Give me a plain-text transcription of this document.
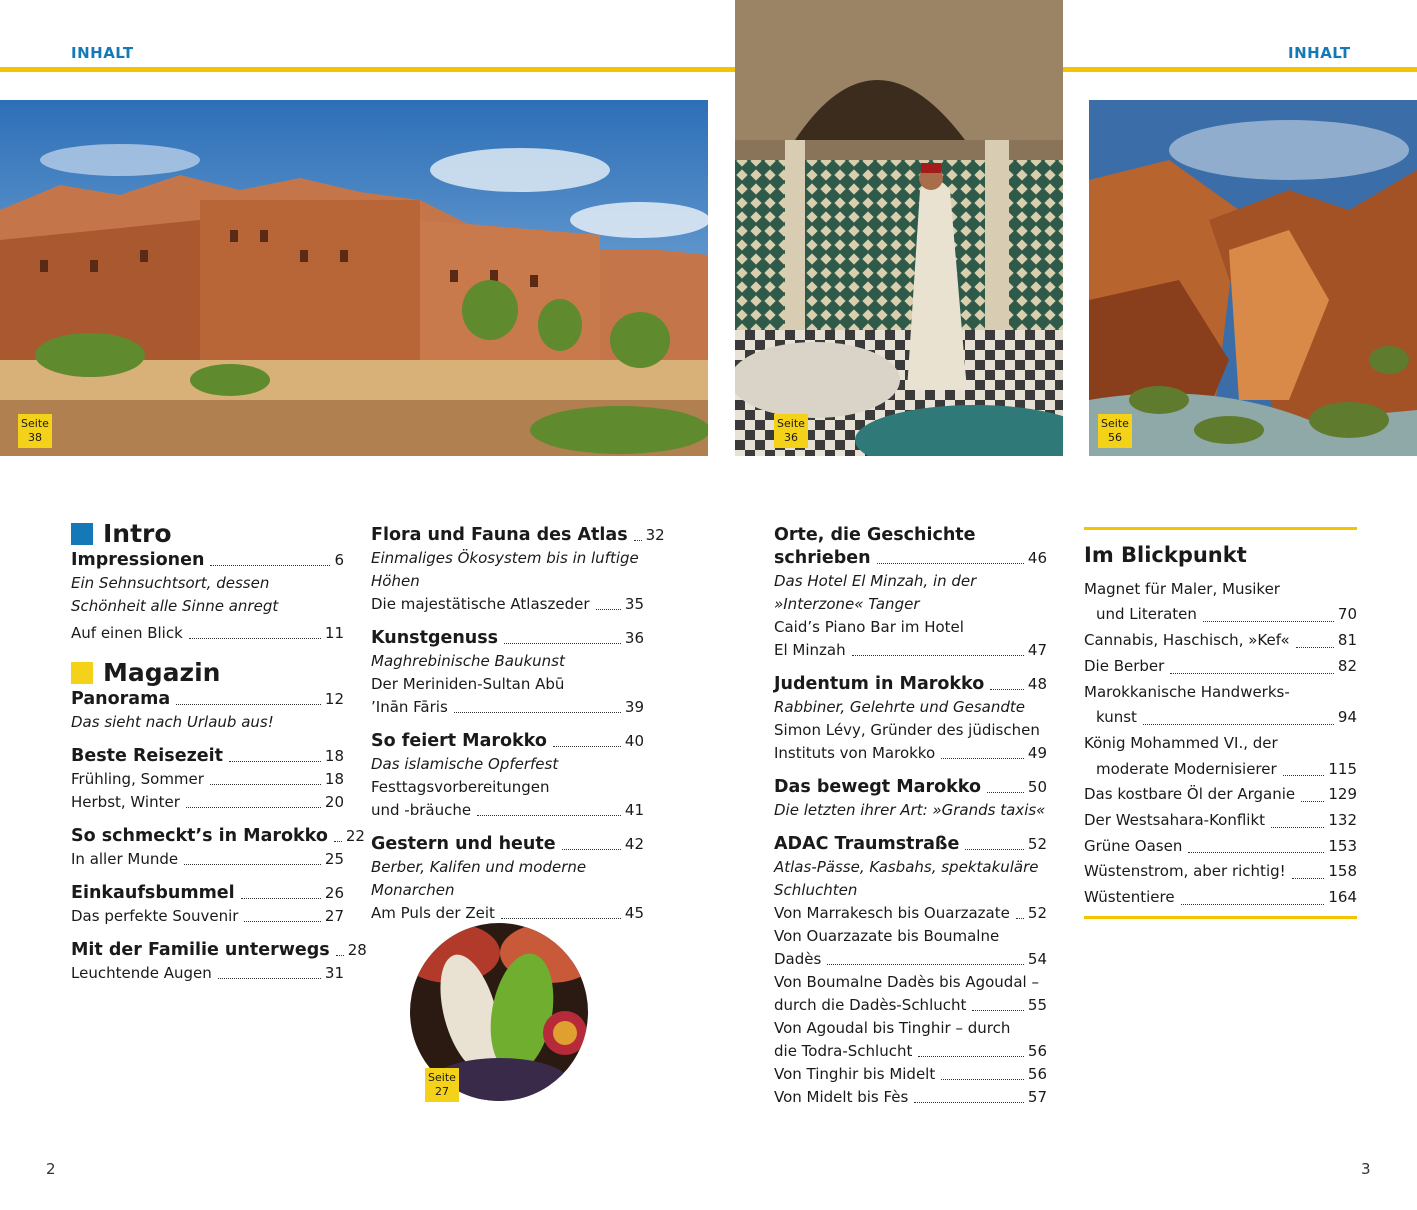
INHALT	INHALT
Seite
38
Seite
36
Seite
56
Seite
27
Intro
Impressionen	6
Ein Sehnsuchtsort, dessen Schönheit alle Sinne anregt
Auf einen Blick	11
Magazin
Panorama	12
Das sieht nach Urlaub aus!
Beste Reisezeit	18
Frühling, Sommer	18
Herbst, Winter	20
So schmeckt’s in Marokko 22
In aller Munde	25
Einkaufsbummel	26
Das perfekte Souvenir	27
Mit der Familie unterwegs 28
Leuchtende Augen	31
Flora und Fauna des Atlas 32
Einmaliges Ökosystem bis in luftige Höhen
Die majestätische Atlaszeder 35
Kunstgenuss	36
Maghrebinische Baukunst
Der Meriniden-Sultan Abū
’Inān Fāris	39
So feiert Marokko	40
Das islamische Opferfest
Festtagsvorbereitungen
und -bräuche	41
Gestern und heute	42
Berber, Kalifen und moderne Monarchen
Am Puls der Zeit	45
Orte, die Geschichte
schrieben	46
Das Hotel El Minzah, in der »Interzone« Tanger
Caid’s Piano Bar im Hotel
El Minzah	47
Judentum in Marokko	48
Rabbiner, Gelehrte und Gesandte
Simon Lévy, Gründer des jüdischen
Instituts von Marokko	49
Das bewegt Marokko	50
Die letzten ihrer Art: »Grands taxis«
ADAC Traumstraße	52
Atlas-Pässe, Kasbahs, spektakuläre Schluchten
Von Marrakesch bis Ouarzazate 52
Von Ouarzazate bis Boumalne
Dadès	54
Von Boumalne Dadès bis Agoudal –
durch die Dadès-Schlucht	55
Von Agoudal bis Tinghir – durch
die Todra-Schlucht	56
Von Tinghir bis Midelt	56
Von Midelt bis Fès	57
Im Blickpunkt
Magnet für Maler, Musiker
und Literaten	70
Cannabis, Haschisch, »Kef«	81
Die Berber	82
Marokkanische Handwerks-
kunst	94
König Mohammed VI., der
moderate Modernisierer	115
Das kostbare Öl der Arganie 129
Der Westsahara-Konflikt	132
Grüne Oasen	153
Wüstenstrom, aber richtig!	158
Wüstentiere	164
2	3
